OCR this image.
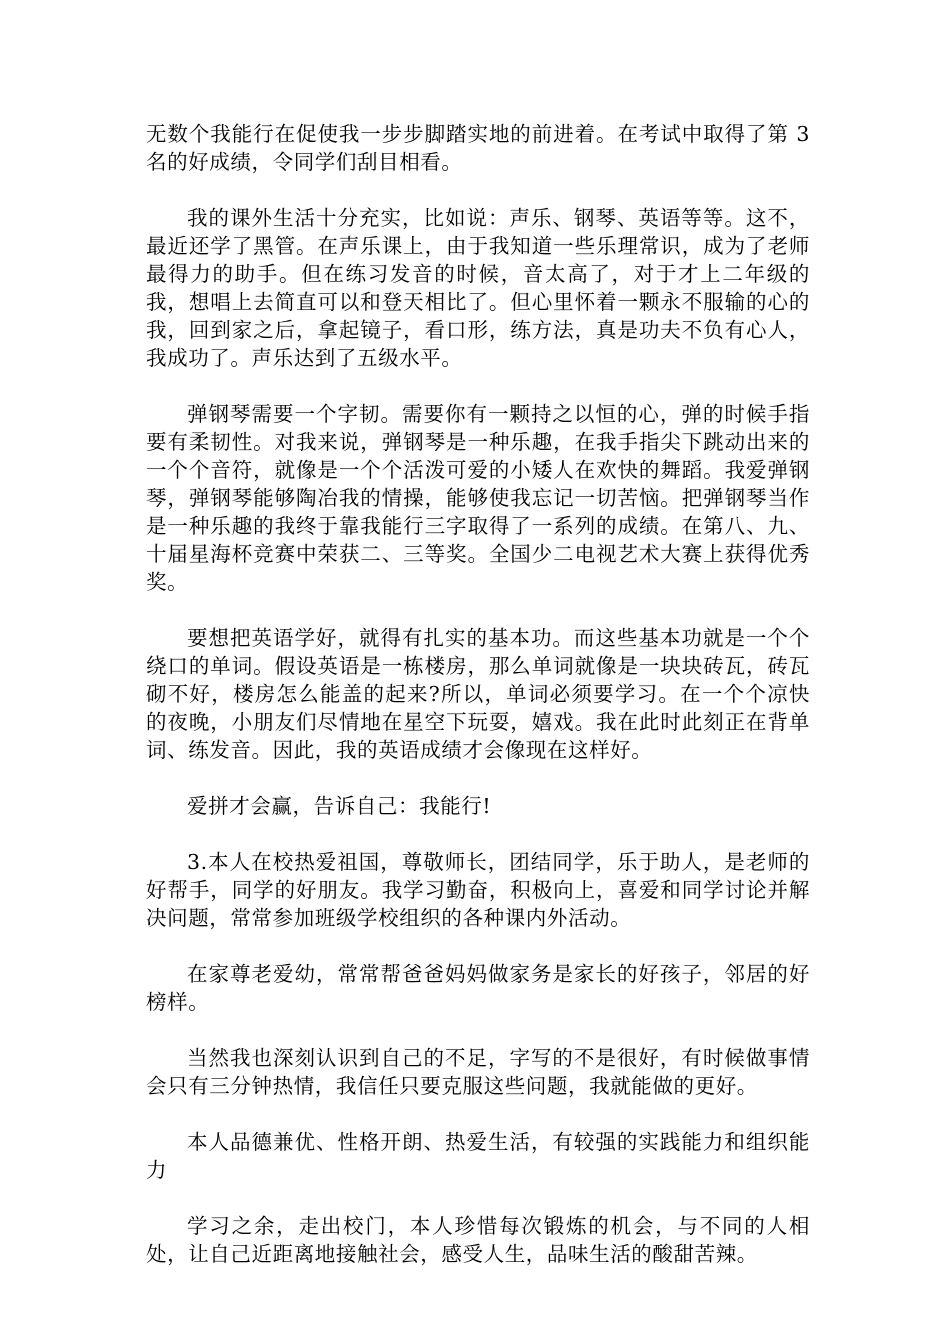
无数个我能行在促使我一步步脚踏实地的前进着。在考试中取得了第 3 名的好成绩，令同学们刮目相看。

我的课外生活十分充实，比如说：声乐、钢琴、英语等等。这不，最近还学了黑管。在声乐课上，由于我知道一些乐理常识，成为了老师最得力的助手。但在练习发音的时候，音太高了，对于才上二年级的我，想唱上去简直可以和登天相比了。但心里怀着一颗永不服输的心的我，回到家之后，拿起镜子，看口形，练方法，真是功夫不负有心人，我成功了。声乐达到了五级水平。

弹钢琴需要一个字韧。需要你有一颗持之以恒的心，弹的时候手指要有柔韧性。对我来说，弹钢琴是一种乐趣，在我手指尖下跳动出来的一个个音符，就像是一个个活泼可爱的小矮人在欢快的舞蹈。我爱弹钢琴，弹钢琴能够陶冶我的情操，能够使我忘记一切苦恼。把弹钢琴当作是一种乐趣的我终于靠我能行三字取得了一系列的成绩。在第八、九、十届星海杯竞赛中荣获二、三等奖。全国少二电视艺术大赛上获得优秀奖。

要想把英语学好，就得有扎实的基本功。而这些基本功就是一个个绕口的单词。假设英语是一栋楼房，那么单词就像是一块块砖瓦，砖瓦砌不好，楼房怎么能盖的起来?所以，单词必须要学习。在一个个凉快的夜晚，小朋友们尽情地在星空下玩耍，嬉戏。我在此时此刻正在背单词、练发音。因此，我的英语成绩才会像现在这样好。

爱拼才会赢，告诉自己：我能行!

3.本人在校热爱祖国，尊敬师长，团结同学，乐于助人，是老师的好帮手，同学的好朋友。我学习勤奋，积极向上，喜爱和同学讨论并解决问题，常常参加班级学校组织的各种课内外活动。

在家尊老爱幼，常常帮爸爸妈妈做家务是家长的好孩子，邻居的好榜样。

当然我也深刻认识到自己的不足，字写的不是很好，有时候做事情会只有三分钟热情，我信任只要克服这些问题，我就能做的更好。

本人品德兼优、性格开朗、热爱生活，有较强的实践能力和组织能力

学习之余，走出校门，本人珍惜每次锻炼的机会，与不同的人相处，让自己近距离地接触社会，感受人生，品味生活的酸甜苦辣。
